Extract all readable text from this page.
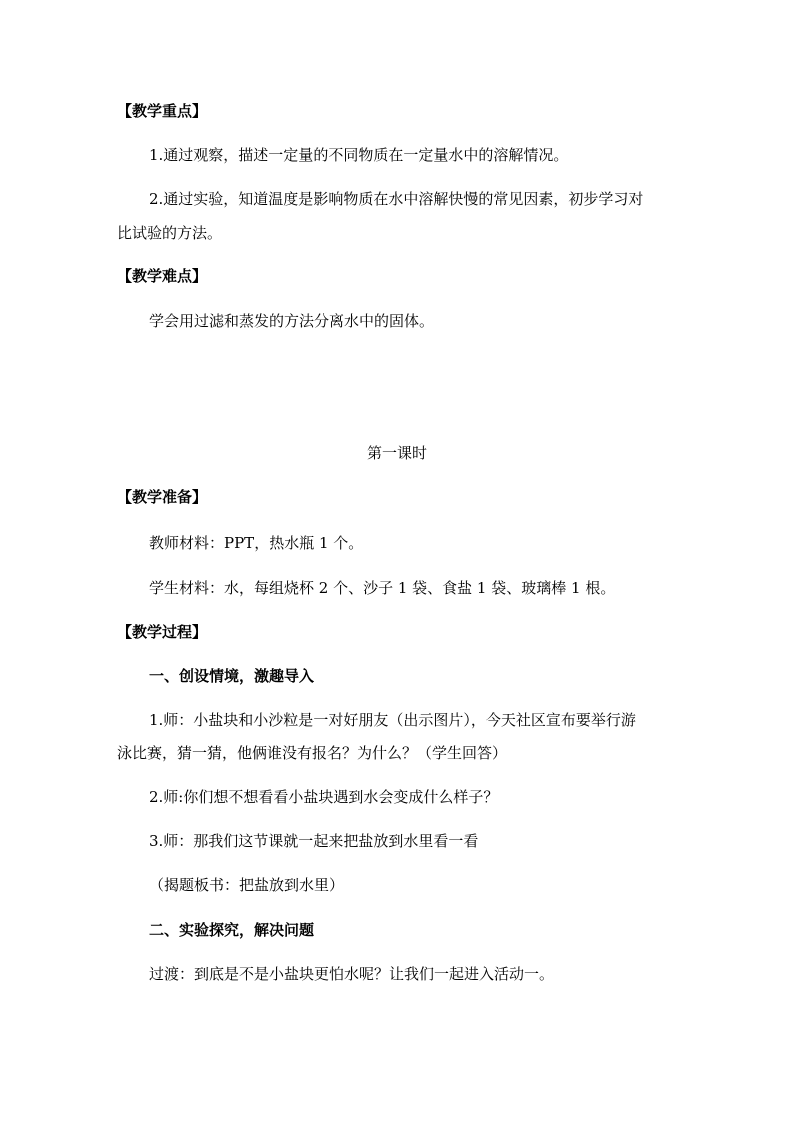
【教学重点】

1.通过观察，描述一定量的不同物质在一定量水中的溶解情况。

2.通过实验，知道温度是影响物质在水中溶解快慢的常见因素，初步学习对

比试验的方法。

【教学难点】

学会用过滤和蒸发的方法分离水中的固体。

第一课时

【教学准备】

教师材料：PPT，热水瓶 1 个。

学生材料：水，每组烧杯 2 个、沙子 1 袋、食盐 1 袋、玻璃棒 1 根。

【教学过程】

一、创设情境，激趣导入

1.师：小盐块和小沙粒是一对好朋友（出示图片），今天社区宣布要举行游

泳比赛，猜一猜，他俩谁没有报名？为什么？（学生回答）

2.师:你们想不想看看小盐块遇到水会变成什么样子？

3.师：那我们这节课就一起来把盐放到水里看一看

（揭题板书：把盐放到水里）

二、实验探究，解决问题

过渡：到底是不是小盐块更怕水呢？让我们一起进入活动一。
